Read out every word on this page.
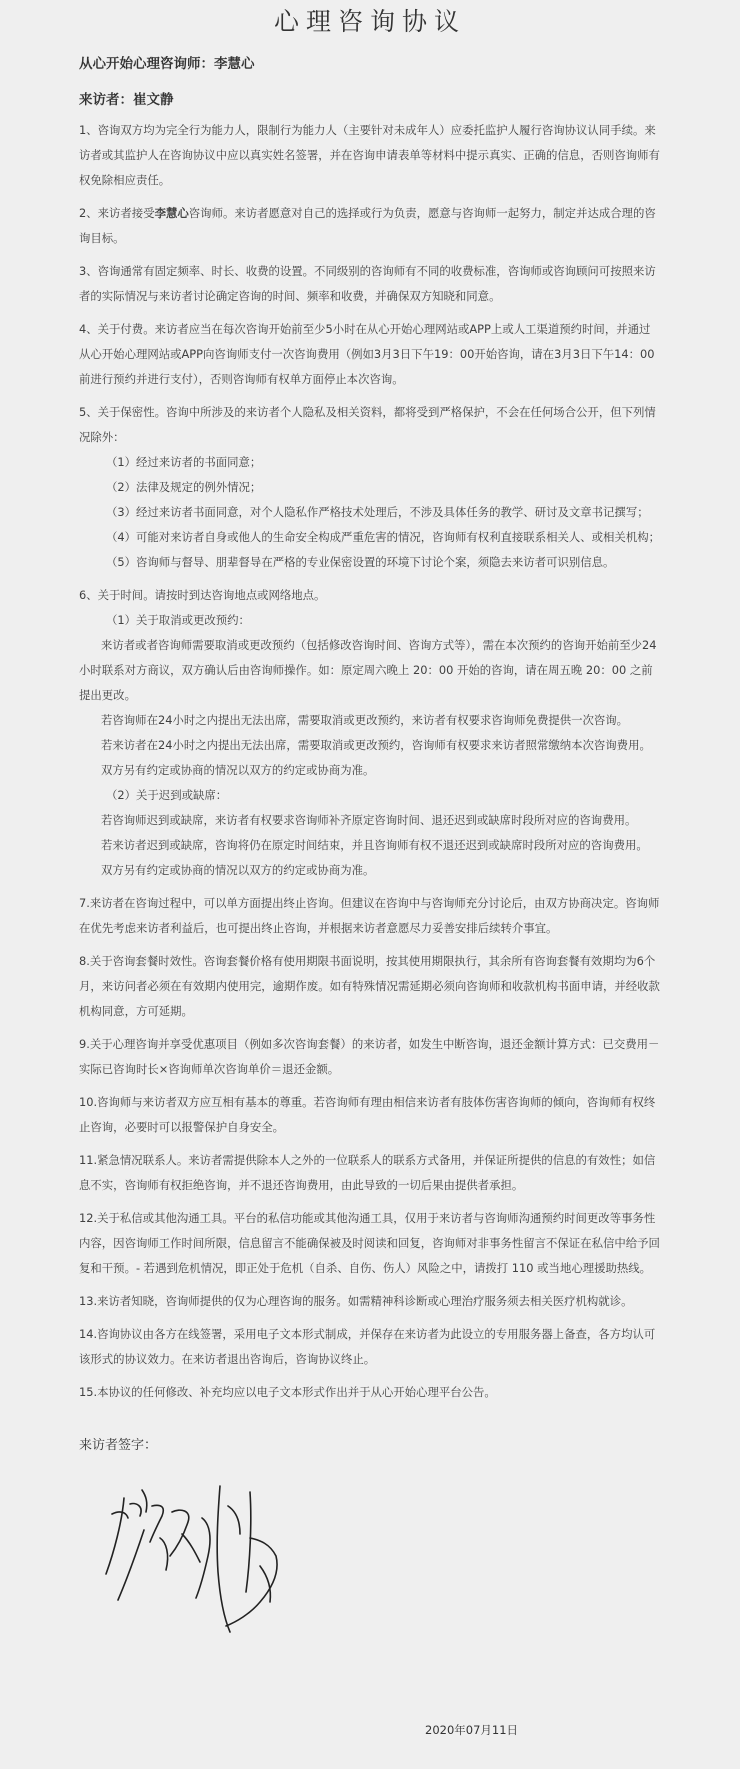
心理咨询协议
从心开始心理咨询师：李慧心
来访者：崔文静

1、咨询双方均为完全行为能力人，限制行为能力人（主要针对未成年人）应委托监护人履行咨询协议认同手续。来访者或其监护人在咨询协议中应以真实姓名签署，并在咨询申请表单等材料中提示真实、正确的信息，否则咨询师有权免除相应责任。

2、来访者接受李慧心咨询师。来访者愿意对自己的选择或行为负责，愿意与咨询师一起努力，制定并达成合理的咨询目标。

3、咨询通常有固定频率、时长、收费的设置。不同级别的咨询师有不同的收费标准，咨询师或咨询顾问可按照来访者的实际情况与来访者讨论确定咨询的时间、频率和收费，并确保双方知晓和同意。

4、关于付费。来访者应当在每次咨询开始前至少5小时在从心开始心理网站或APP上或人工渠道预约时间，并通过从心开始心理网站或APP向咨询师支付一次咨询费用（例如3月3日下午19：00开始咨询，请在3月3日下午14：00前进行预约并进行支付），否则咨询师有权单方面停止本次咨询。

5、关于保密性。咨询中所涉及的来访者个人隐私及相关资料，都将受到严格保护，不会在任何场合公开，但下列情况除外：

（1）经过来访者的书面同意；

（2）法律及规定的例外情况；

（3）经过来访者书面同意，对个人隐私作严格技术处理后，不涉及具体任务的教学、研讨及文章书记撰写；

（4）可能对来访者自身或他人的生命安全构成严重危害的情况，咨询师有权利直接联系相关人、或相关机构；

（5）咨询师与督导、朋辈督导在严格的专业保密设置的环境下讨论个案，须隐去来访者可识别信息。

6、关于时间。请按时到达咨询地点或网络地点。

（1）关于取消或更改预约：

来访者或者咨询师需要取消或更改预约（包括修改咨询时间、咨询方式等），需在本次预约的咨询开始前至少24小时联系对方商议，双方确认后由咨询师操作。如：原定周六晚上 20：00 开始的咨询，请在周五晚 20：00 之前提出更改。

若咨询师在24小时之内提出无法出席，需要取消或更改预约，来访者有权要求咨询师免费提供一次咨询。

若来访者在24小时之内提出无法出席，需要取消或更改预约，咨询师有权要求来访者照常缴纳本次咨询费用。

双方另有约定或协商的情况以双方的约定或协商为准。

（2）关于迟到或缺席：

若咨询师迟到或缺席，来访者有权要求咨询师补齐原定咨询时间、退还迟到或缺席时段所对应的咨询费用。

若来访者迟到或缺席，咨询将仍在原定时间结束，并且咨询师有权不退还迟到或缺席时段所对应的咨询费用。

双方另有约定或协商的情况以双方的约定或协商为准。

7.来访者在咨询过程中，可以单方面提出终止咨询。但建议在咨询中与咨询师充分讨论后，由双方协商决定。咨询师在优先考虑来访者利益后，也可提出终止咨询，并根据来访者意愿尽力妥善安排后续转介事宜。

8.关于咨询套餐时效性。咨询套餐价格有使用期限书面说明，按其使用期限执行，其余所有咨询套餐有效期均为6个月，来访问者必须在有效期内使用完，逾期作废。如有特殊情况需延期必须向咨询师和收款机构书面申请，并经收款机构同意，方可延期。

9.关于心理咨询并享受优惠项目（例如多次咨询套餐）的来访者，如发生中断咨询，退还金额计算方式：已交费用－实际已咨询时长×咨询师单次咨询单价＝退还金额。

10.咨询师与来访者双方应互相有基本的尊重。若咨询师有理由相信来访者有肢体伤害咨询师的倾向，咨询师有权终止咨询，必要时可以报警保护自身安全。

11.紧急情况联系人。来访者需提供除本人之外的一位联系人的联系方式备用，并保证所提供的信息的有效性；如信息不实，咨询师有权拒绝咨询，并不退还咨询费用，由此导致的一切后果由提供者承担。

12.关于私信或其他沟通工具。平台的私信功能或其他沟通工具，仅用于来访者与咨询师沟通预约时间更改等事务性内容，因咨询师工作时间所限，信息留言不能确保被及时阅读和回复，咨询师对非事务性留言不保证在私信中给予回复和干预。- 若遇到危机情况，即正处于危机（自杀、自伤、伤人）风险之中，请拨打 110 或当地心理援助热线。

13.来访者知晓，咨询师提供的仅为心理咨询的服务。如需精神科诊断或心理治疗服务须去相关医疗机构就诊。

14.咨询协议由各方在线签署，采用电子文本形式制成，并保存在来访者为此设立的专用服务器上备查，各方均认可该形式的协议效力。在来访者退出咨询后，咨询协议终止。

15.本协议的任何修改、补充均应以电子文本形式作出并于从心开始心理平台公告。

来访者签字：
2020年07月11日
